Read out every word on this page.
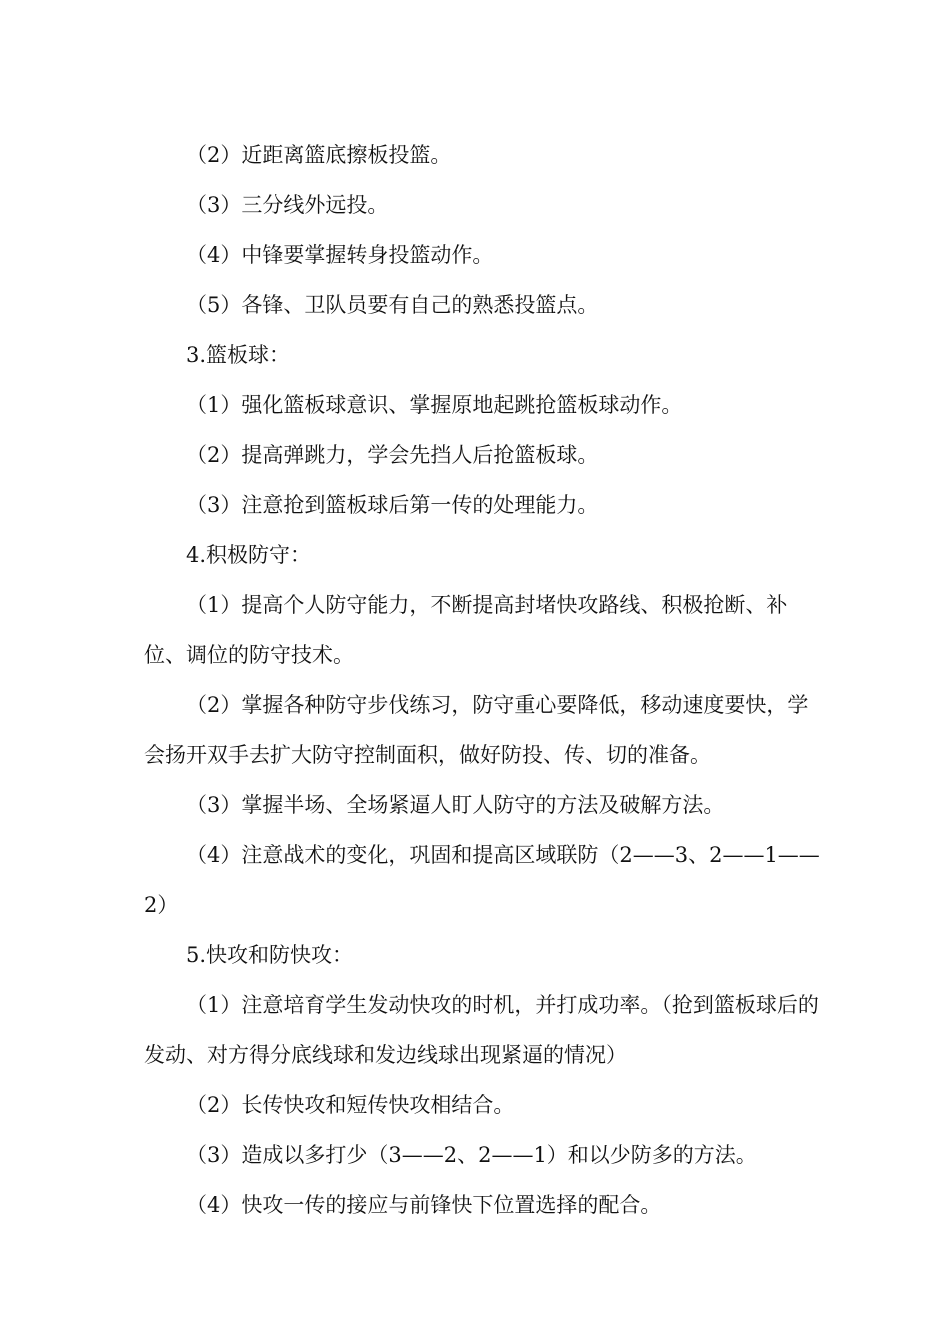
（2）近距离篮底擦板投篮。

（3）三分线外远投。

（4）中锋要掌握转身投篮动作。

（5）各锋、卫队员要有自己的熟悉投篮点。

3.篮板球：

（1）强化篮板球意识、掌握原地起跳抢篮板球动作。

（2）提高弹跳力，学会先挡人后抢篮板球。

（3）注意抢到篮板球后第一传的处理能力。

4.积极防守：

（1）提高个人防守能力，不断提高封堵快攻路线、积极抢断、补位、调位的防守技术。

（2）掌握各种防守步伐练习，防守重心要降低，移动速度要快，学会扬开双手去扩大防守控制面积，做好防投、传、切的准备。

（3）掌握半场、全场紧逼人盯人防守的方法及破解方法。

（4）注意战术的变化，巩固和提高区域联防（2——3、2——1——2）

5.快攻和防快攻：

（1）注意培育学生发动快攻的时机，并打成功率。（抢到篮板球后的发动、对方得分底线球和发边线球出现紧逼的情况）

（2）长传快攻和短传快攻相结合。

（3）造成以多打少（3——2、2——1）和以少防多的方法。

（4）快攻一传的接应与前锋快下位置选择的配合。
